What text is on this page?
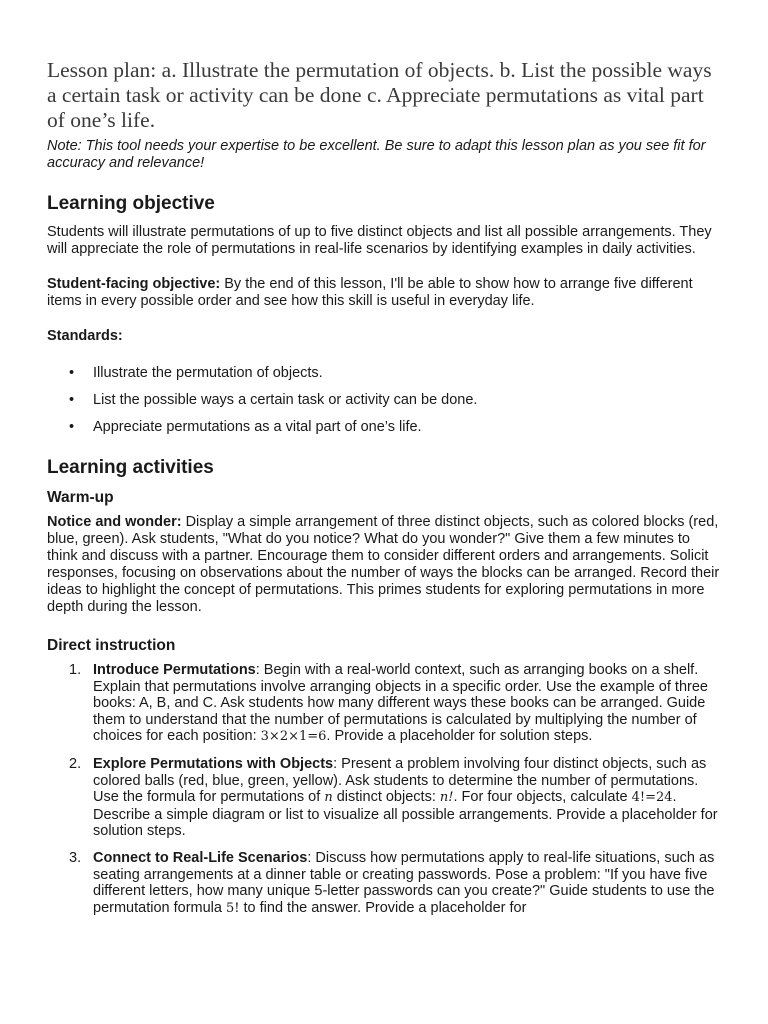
Lesson plan: a. Illustrate the permutation of objects. b. List the possible ways a certain task or activity can be done c. Appreciate permutations as vital part of one’s life.

Note: This tool needs your expertise to be excellent. Be sure to adapt this lesson plan as you see fit for accuracy and relevance!

Learning objective

Students will illustrate permutations of up to five distinct objects and list all possible arrangements. They will appreciate the role of permutations in real-life scenarios by identifying examples in daily activities.

Student-facing objective: By the end of this lesson, I'll be able to show how to arrange five different items in every possible order and see how this skill is useful in everyday life.

Standards:

• Illustrate the permutation of objects.
• List the possible ways a certain task or activity can be done.
• Appreciate permutations as a vital part of one’s life.
Learning activities
Warm-up

Notice and wonder: Display a simple arrangement of three distinct objects, such as colored blocks (red, blue, green). Ask students, "What do you notice? What do you wonder?" Give them a few minutes to think and discuss with a partner. Encourage them to consider different orders and arrangements. Solicit responses, focusing on observations about the number of ways the blocks can be arranged. Record their ideas to highlight the concept of permutations. This primes students for exploring permutations in more depth during the lesson.

Direct instruction
1. Introduce Permutations: Begin with a real-world context, such as arranging books on a shelf. Explain that permutations involve arranging objects in a specific order. Use the example of three books: A, B, and C. Ask students how many different ways these books can be arranged. Guide them to understand that the number of permutations is calculated by multiplying the number of choices for each position: 3×2×1=6. Provide a placeholder for solution steps.
2. Explore Permutations with Objects: Present a problem involving four distinct objects, such as colored balls (red, blue, green, yellow). Ask students to determine the number of permutations. Use the formula for permutations of n distinct objects: n!. For four objects, calculate 4!=24. Describe a simple diagram or list to visualize all possible arrangements. Provide a placeholder for solution steps.
3. Connect to Real-Life Scenarios: Discuss how permutations apply to real-life situations, such as seating arrangements at a dinner table or creating passwords. Pose a problem: "If you have five different letters, how many unique 5-letter passwords can you create?" Guide students to use the permutation formula 5! to find the answer. Provide a placeholder for
